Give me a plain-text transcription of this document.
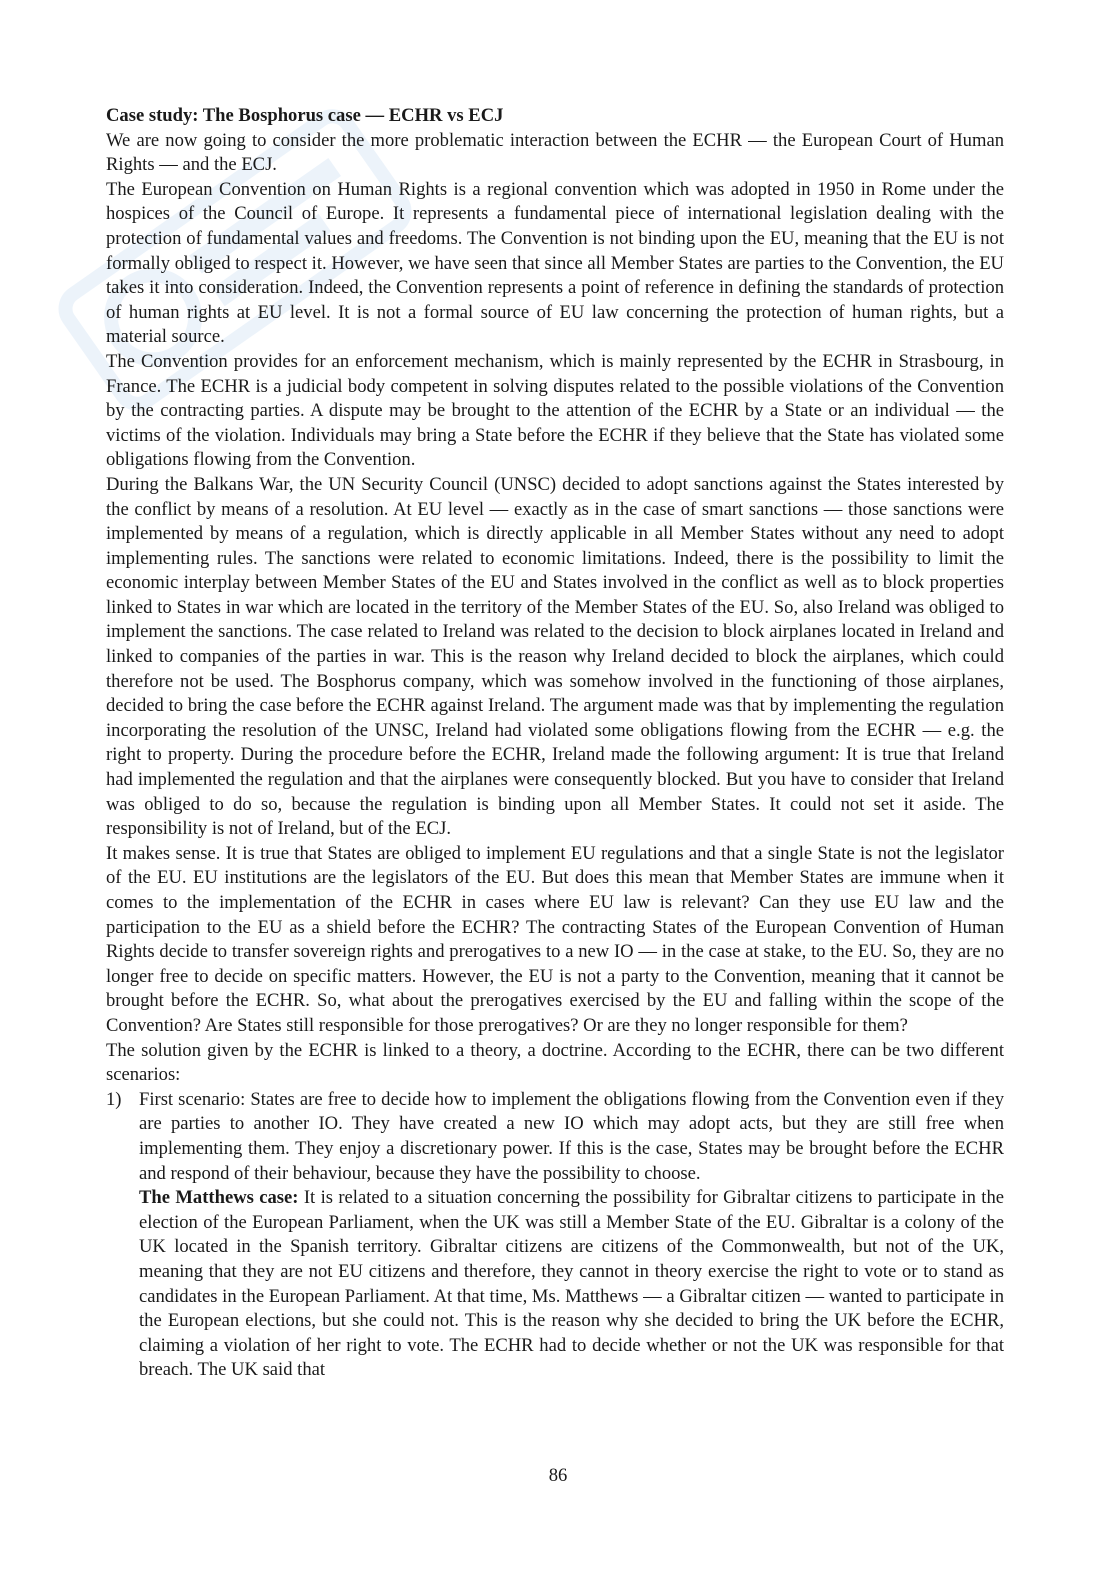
Case study: The Bosphorus case — ECHR vs ECJ

We are now going to consider the more problematic interaction between the ECHR — the European Court of Human Rights — and the ECJ.

The European Convention on Human Rights is a regional convention which was adopted in 1950 in Rome under the hospices of the Council of Europe. It represents a fundamental piece of international legislation dealing with the protection of fundamental values and freedoms. The Convention is not binding upon the EU, meaning that the EU is not formally obliged to respect it. However, we have seen that since all Member States are parties to the Convention, the EU takes it into consideration. Indeed, the Convention represents a point of reference in defining the standards of protection of human rights at EU level. It is not a formal source of EU law concerning the protection of human rights, but a material source.

The Convention provides for an enforcement mechanism, which is mainly represented by the ECHR in Strasbourg, in France. The ECHR is a judicial body competent in solving disputes related to the possible violations of the Convention by the contracting parties. A dispute may be brought to the attention of the ECHR by a State or an individual — the victims of the violation. Individuals may bring a State before the ECHR if they believe that the State has violated some obligations flowing from the Convention.

During the Balkans War, the UN Security Council (UNSC) decided to adopt sanctions against the States interested by the conflict by means of a resolution. At EU level — exactly as in the case of smart sanctions — those sanctions were implemented by means of a regulation, which is directly applicable in all Member States without any need to adopt implementing rules. The sanctions were related to economic limitations. Indeed, there is the possibility to limit the economic interplay between Member States of the EU and States involved in the conflict as well as to block properties linked to States in war which are located in the territory of the Member States of the EU. So, also Ireland was obliged to implement the sanctions. The case related to Ireland was related to the decision to block airplanes located in Ireland and linked to companies of the parties in war. This is the reason why Ireland decided to block the airplanes, which could therefore not be used. The Bosphorus company, which was somehow involved in the functioning of those airplanes, decided to bring the case before the ECHR against Ireland. The argument made was that by implementing the regulation incorporating the resolution of the UNSC, Ireland had violated some obligations flowing from the ECHR — e.g. the right to property. During the procedure before the ECHR, Ireland made the following argument: It is true that Ireland had implemented the regulation and that the airplanes were consequently blocked. But you have to consider that Ireland was obliged to do so, because the regulation is binding upon all Member States. It could not set it aside. The responsibility is not of Ireland, but of the ECJ.

It makes sense. It is true that States are obliged to implement EU regulations and that a single State is not the legislator of the EU. EU institutions are the legislators of the EU. But does this mean that Member States are immune when it comes to the implementation of the ECHR in cases where EU law is relevant? Can they use EU law and the participation to the EU as a shield before the ECHR? The contracting States of the European Convention of Human Rights decide to transfer sovereign rights and prerogatives to a new IO — in the case at stake, to the EU. So, they are no longer free to decide on specific matters. However, the EU is not a party to the Convention, meaning that it cannot be brought before the ECHR. So, what about the prerogatives exercised by the EU and falling within the scope of the Convention? Are States still responsible for those prerogatives? Or are they no longer responsible for them?

The solution given by the ECHR is linked to a theory, a doctrine. According to the ECHR, there can be two different scenarios:

1) First scenario: States are free to decide how to implement the obligations flowing from the Convention even if they are parties to another IO. They have created a new IO which may adopt acts, but they are still free when implementing them. They enjoy a discretionary power. If this is the case, States may be brought before the ECHR and respond of their behaviour, because they have the possibility to choose.

The Matthews case: It is related to a situation concerning the possibility for Gibraltar citizens to participate in the election of the European Parliament, when the UK was still a Member State of the EU. Gibraltar is a colony of the UK located in the Spanish territory. Gibraltar citizens are citizens of the Commonwealth, but not of the UK, meaning that they are not EU citizens and therefore, they cannot in theory exercise the right to vote or to stand as candidates in the European Parliament. At that time, Ms. Matthews — a Gibraltar citizen — wanted to participate in the European elections, but she could not. This is the reason why she decided to bring the UK before the ECHR, claiming a violation of her right to vote. The ECHR had to decide whether or not the UK was responsible for that breach. The UK said that

86
